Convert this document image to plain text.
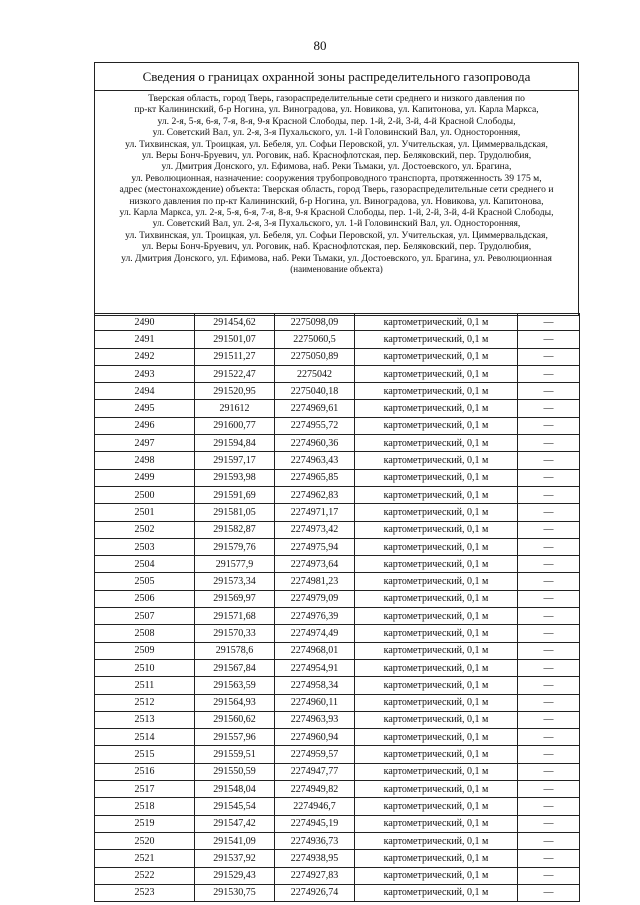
80
Сведения о границах охранной зоны распределительного газопровода
Тверская область, город Тверь, газораспределительные сети среднего и низкого давления по
пр-кт Калининский, б-р Ногина, ул. Виноградова, ул. Новикова, ул. Капитонова, ул. Карла Маркса,
ул. 2-я, 5-я, 6-я, 7-я, 8-я, 9-я Красной Слободы, пер. 1-й, 2-й, 3-й, 4-й Красной Слободы,
ул. Советский Вал, ул. 2-я, 3-я Пухальского, ул. 1-й Головинский Вал, ул. Односторонняя,
ул. Тихвинская, ул. Троицкая, ул. Бебеля, ул. Софьи Перовской, ул. Учительская, ул. Циммервальдская,
ул. Веры Бонч-Бруевич, ул. Роговик, наб. Краснофлотская, пер. Беляковский, пер. Трудолюбия,
ул. Дмитрия Донского, ул. Ефимова, наб. Реки Тьмаки, ул. Достоевского, ул. Брагина,
ул. Революционная, назначение: сооружения трубопроводного транспорта, протяженность 39 175 м,
адрес (местонахождение) объекта: Тверская область, город Тверь, газораспределительные сети среднего и
низкого давления по пр-кт Калининский, б-р Ногина, ул. Виноградова, ул. Новикова, ул. Капитонова,
ул. Карла Маркса, ул. 2-я, 5-я, 6-я, 7-я, 8-я, 9-я Красной Слободы, пер. 1-й, 2-й, 3-й, 4-й Красной Слободы,
ул. Советский Вал, ул. 2-я, 3-я Пухальского, ул. 1-й Головинский Вал, ул. Односторонняя,
ул. Тихвинская, ул. Троицкая, ул. Бебеля, ул. Софьи Перовской, ул. Учительская, ул. Циммервальдская,
ул. Веры Бонч-Бруевич, ул. Роговик, наб. Краснофлотская, пер. Беляковский, пер. Трудолюбия,
ул. Дмитрия Донского, ул. Ефимова, наб. Реки Тьмаки, ул. Достоевского, ул. Брагина, ул. Революционная
(наименование объекта)
2490	291454,62	2275098,09	картометрический, 0,1 м	—
2491	291501,07	2275060,5	картометрический, 0,1 м	—
2492	291511,27	2275050,89	картометрический, 0,1 м	—
2493	291522,47	2275042	картометрический, 0,1 м	—
2494	291520,95	2275040,18	картометрический, 0,1 м	—
2495	291612	2274969,61	картометрический, 0,1 м	—
2496	291600,77	2274955,72	картометрический, 0,1 м	—
2497	291594,84	2274960,36	картометрический, 0,1 м	—
2498	291597,17	2274963,43	картометрический, 0,1 м	—
2499	291593,98	2274965,85	картометрический, 0,1 м	—
2500	291591,69	2274962,83	картометрический, 0,1 м	—
2501	291581,05	2274971,17	картометрический, 0,1 м	—
2502	291582,87	2274973,42	картометрический, 0,1 м	—
2503	291579,76	2274975,94	картометрический, 0,1 м	—
2504	291577,9	2274973,64	картометрический, 0,1 м	—
2505	291573,34	2274981,23	картометрический, 0,1 м	—
2506	291569,97	2274979,09	картометрический, 0,1 м	—
2507	291571,68	2274976,39	картометрический, 0,1 м	—
2508	291570,33	2274974,49	картометрический, 0,1 м	—
2509	291578,6	2274968,01	картометрический, 0,1 м	—
2510	291567,84	2274954,91	картометрический, 0,1 м	—
2511	291563,59	2274958,34	картометрический, 0,1 м	—
2512	291564,93	2274960,11	картометрический, 0,1 м	—
2513	291560,62	2274963,93	картометрический, 0,1 м	—
2514	291557,96	2274960,94	картометрический, 0,1 м	—
2515	291559,51	2274959,57	картометрический, 0,1 м	—
2516	291550,59	2274947,77	картометрический, 0,1 м	—
2517	291548,04	2274949,82	картометрический, 0,1 м	—
2518	291545,54	2274946,7	картометрический, 0,1 м	—
2519	291547,42	2274945,19	картометрический, 0,1 м	—
2520	291541,09	2274936,73	картометрический, 0,1 м	—
2521	291537,92	2274938,95	картометрический, 0,1 м	—
2522	291529,43	2274927,83	картометрический, 0,1 м	—
2523	291530,75	2274926,74	картометрический, 0,1 м	—
